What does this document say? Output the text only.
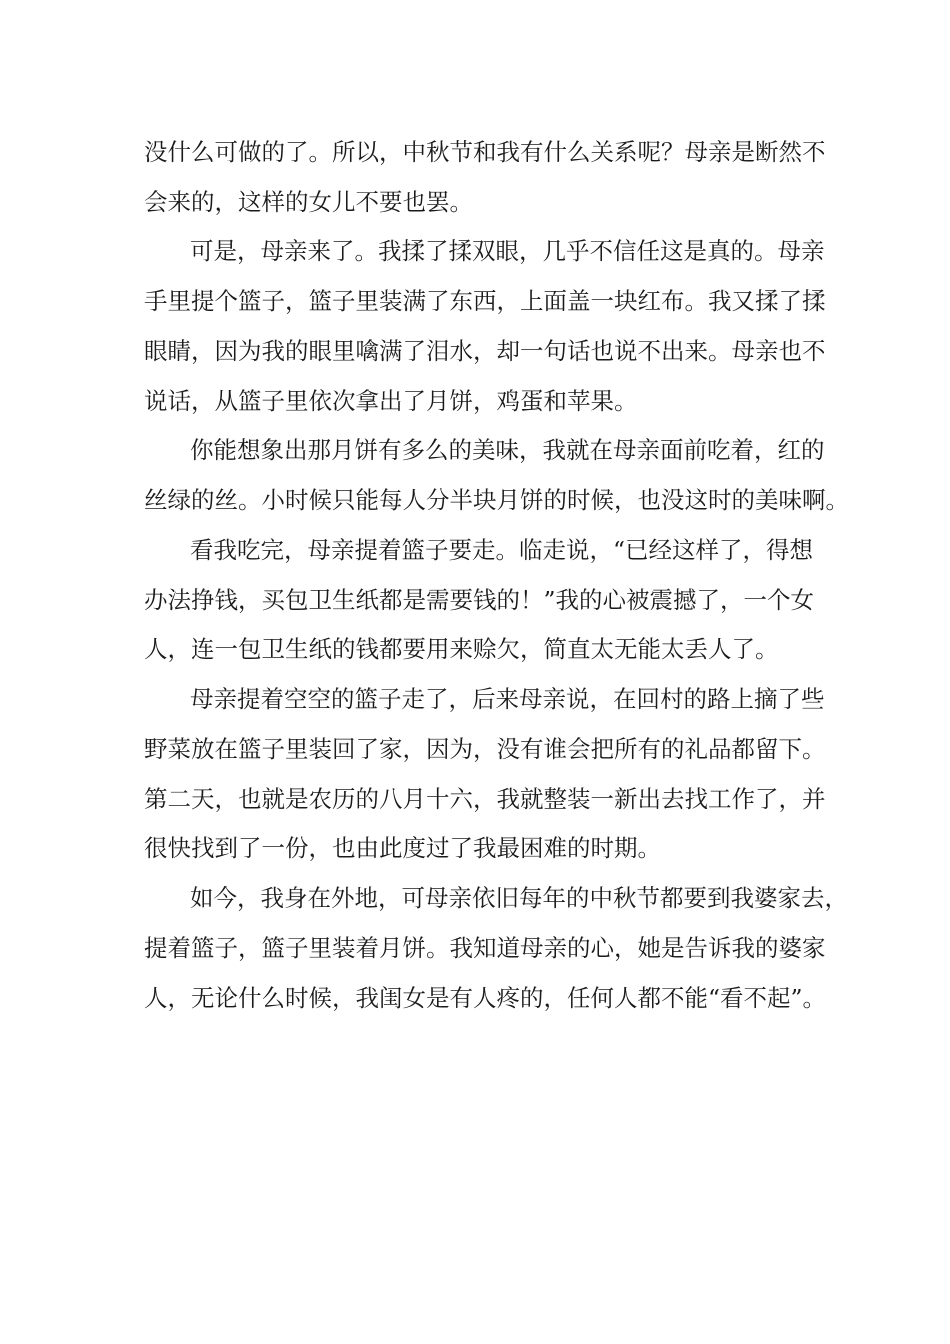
没什么可做的了。所以，中秋节和我有什么关系呢？母亲是断然不

会来的，这样的女儿不要也罢。

可是，母亲来了。我揉了揉双眼，几乎不信任这是真的。母亲

手里提个篮子，篮子里装满了东西，上面盖一块红布。我又揉了揉

眼睛，因为我的眼里噙满了泪水，却一句话也说不出来。母亲也不

说话，从篮子里依次拿出了月饼，鸡蛋和苹果。

你能想象出那月饼有多么的美味，我就在母亲面前吃着，红的

丝绿的丝。小时候只能每人分半块月饼的时候，也没这时的美味啊。

看我吃完，母亲提着篮子要走。临走说，“已经这样了，得想

办法挣钱，买包卫生纸都是需要钱的！”我的心被震撼了，一个女

人，连一包卫生纸的钱都要用来赊欠，简直太无能太丢人了。

母亲提着空空的篮子走了，后来母亲说，在回村的路上摘了些

野菜放在篮子里装回了家，因为，没有谁会把所有的礼品都留下。

第二天，也就是农历的八月十六，我就整装一新出去找工作了，并

很快找到了一份，也由此度过了我最困难的时期。

如今，我身在外地，可母亲依旧每年的中秋节都要到我婆家去，

提着篮子，篮子里装着月饼。我知道母亲的心，她是告诉我的婆家

人，无论什么时候，我闺女是有人疼的，任何人都不能“看不起”。
